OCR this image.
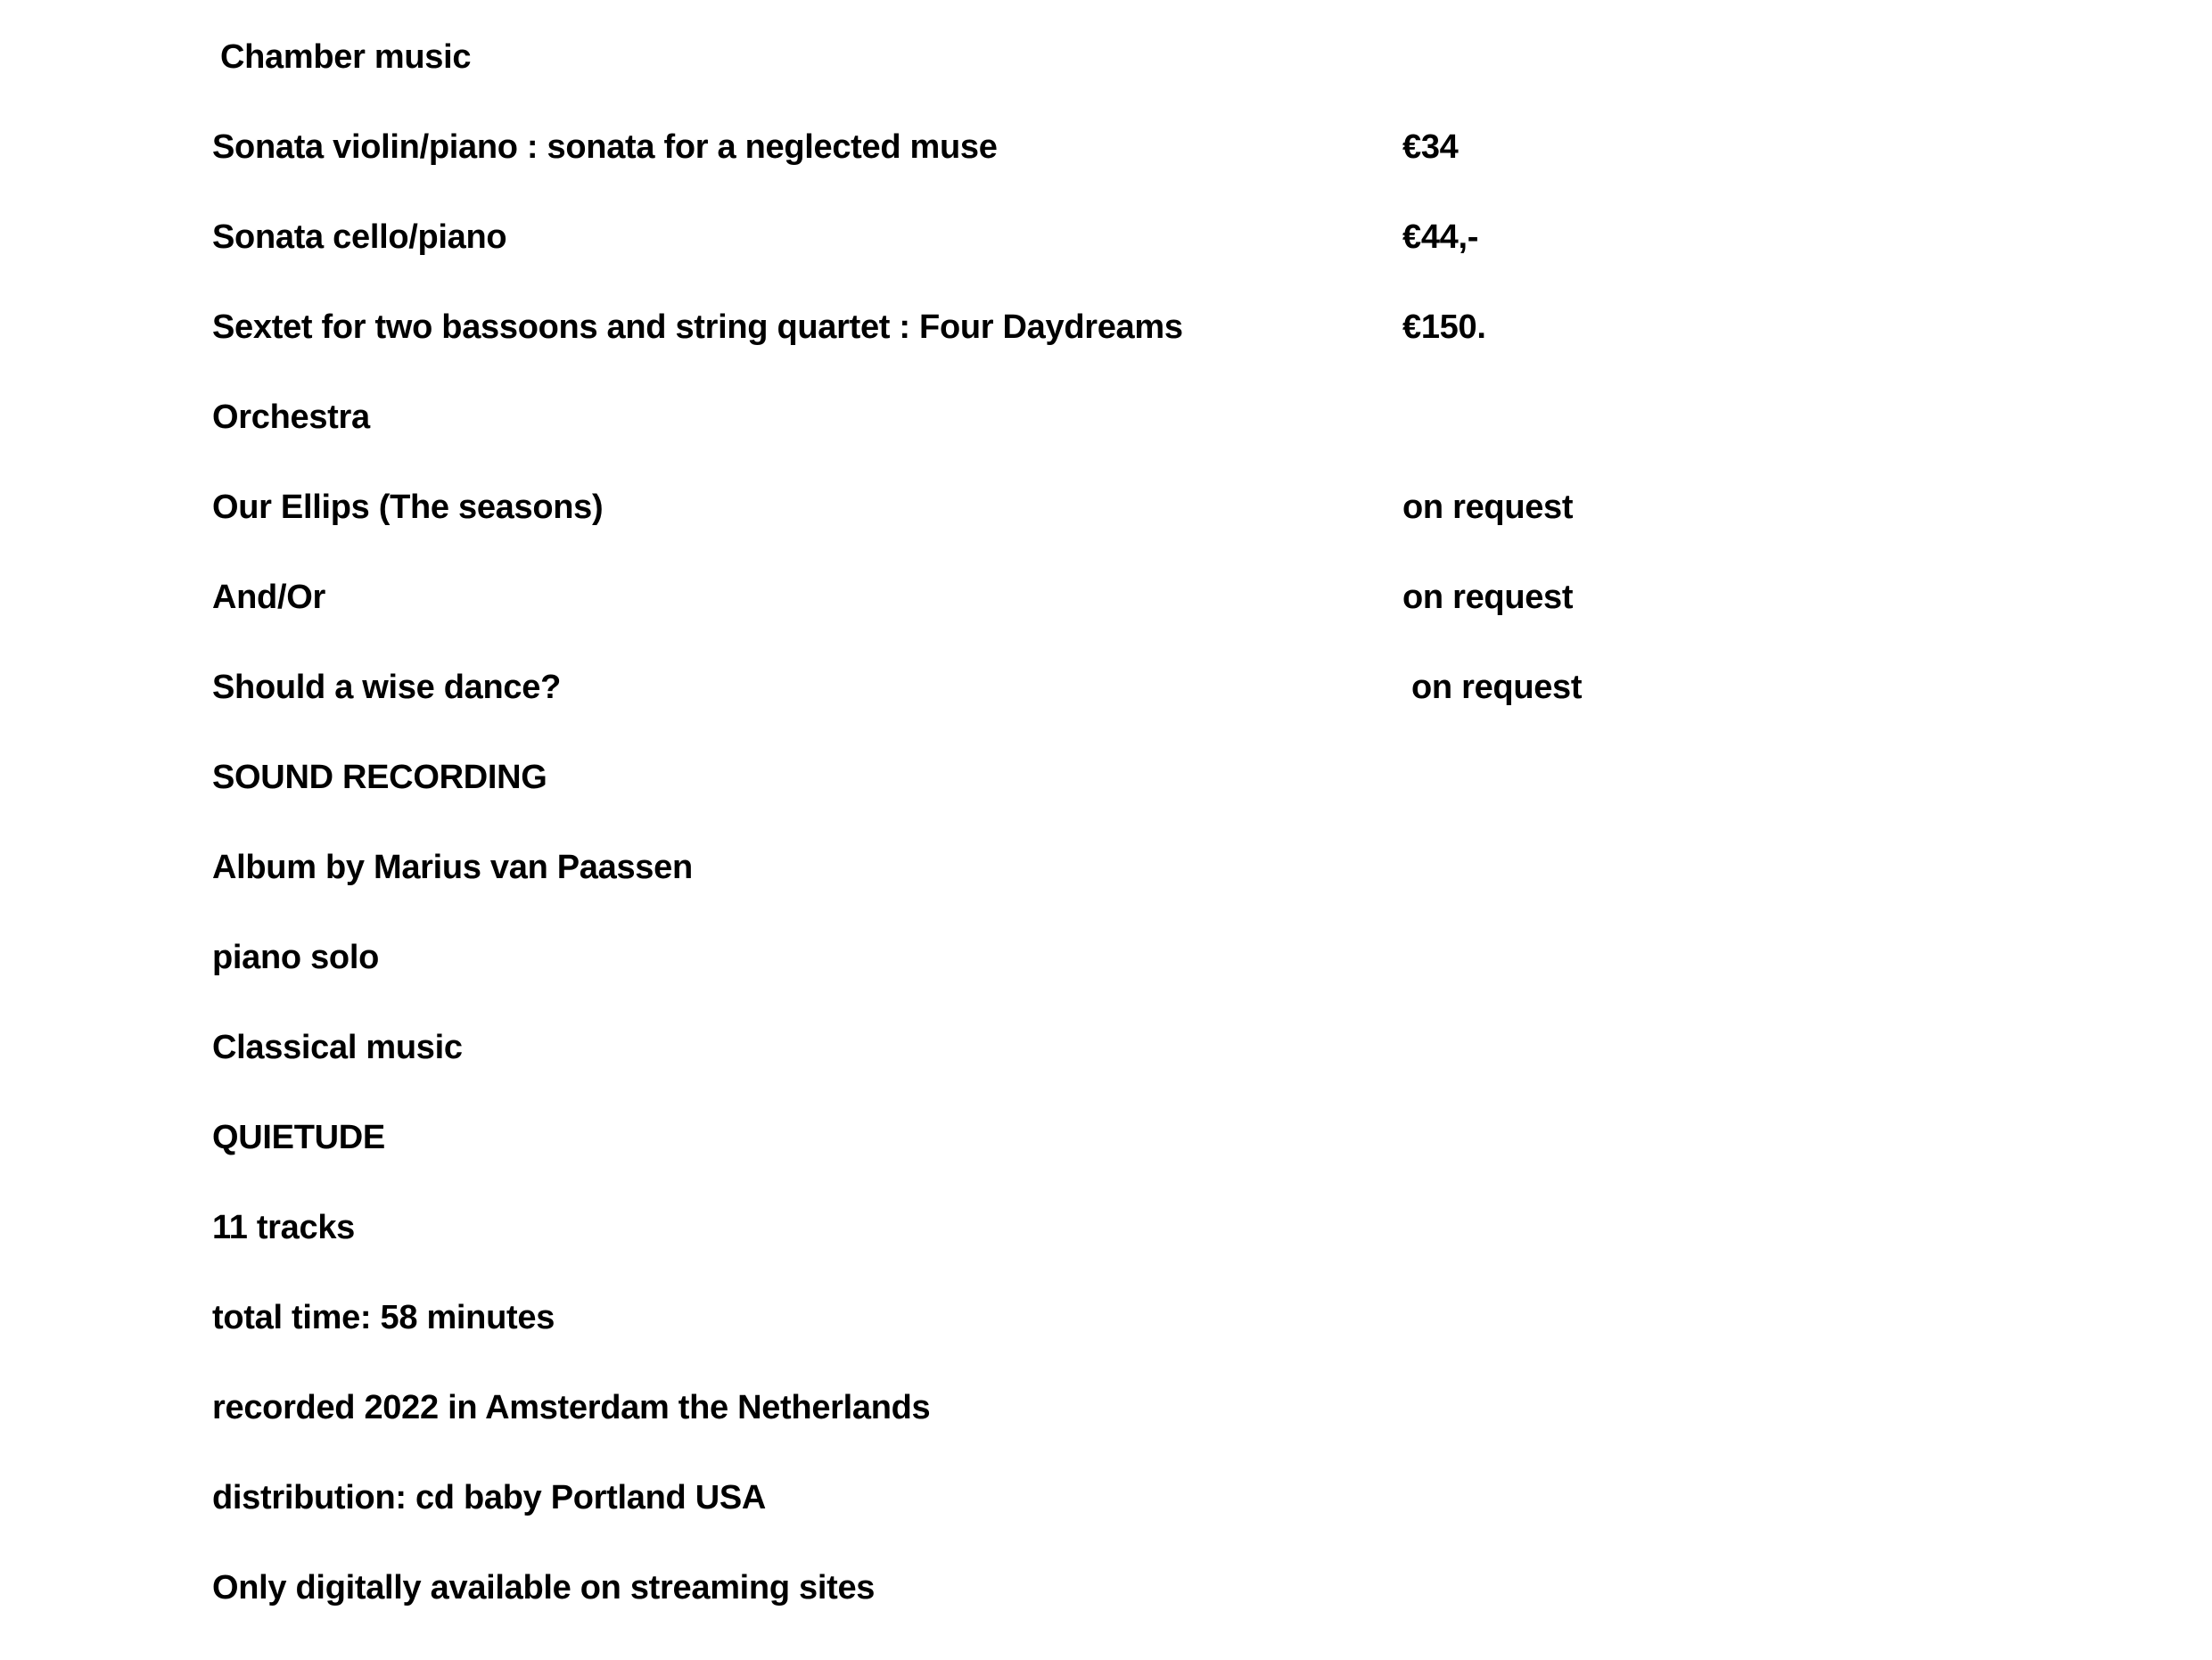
Chamber music
Sonata violin/piano : sonata for a neglected muse	€34
Sonata cello/piano	€44,-
Sextet for two bassoons and string quartet : Four Daydreams	€150.
Orchestra
Our Ellips (The seasons)	on request
And/Or	on request
Should a wise dance?	on request
SOUND RECORDING
Album by Marius van Paassen
piano solo
Classical music
QUIETUDE
11 tracks
total time: 58 minutes
recorded 2022 in Amsterdam the Netherlands
distribution: cd baby Portland USA
Only digitally available on streaming sites
